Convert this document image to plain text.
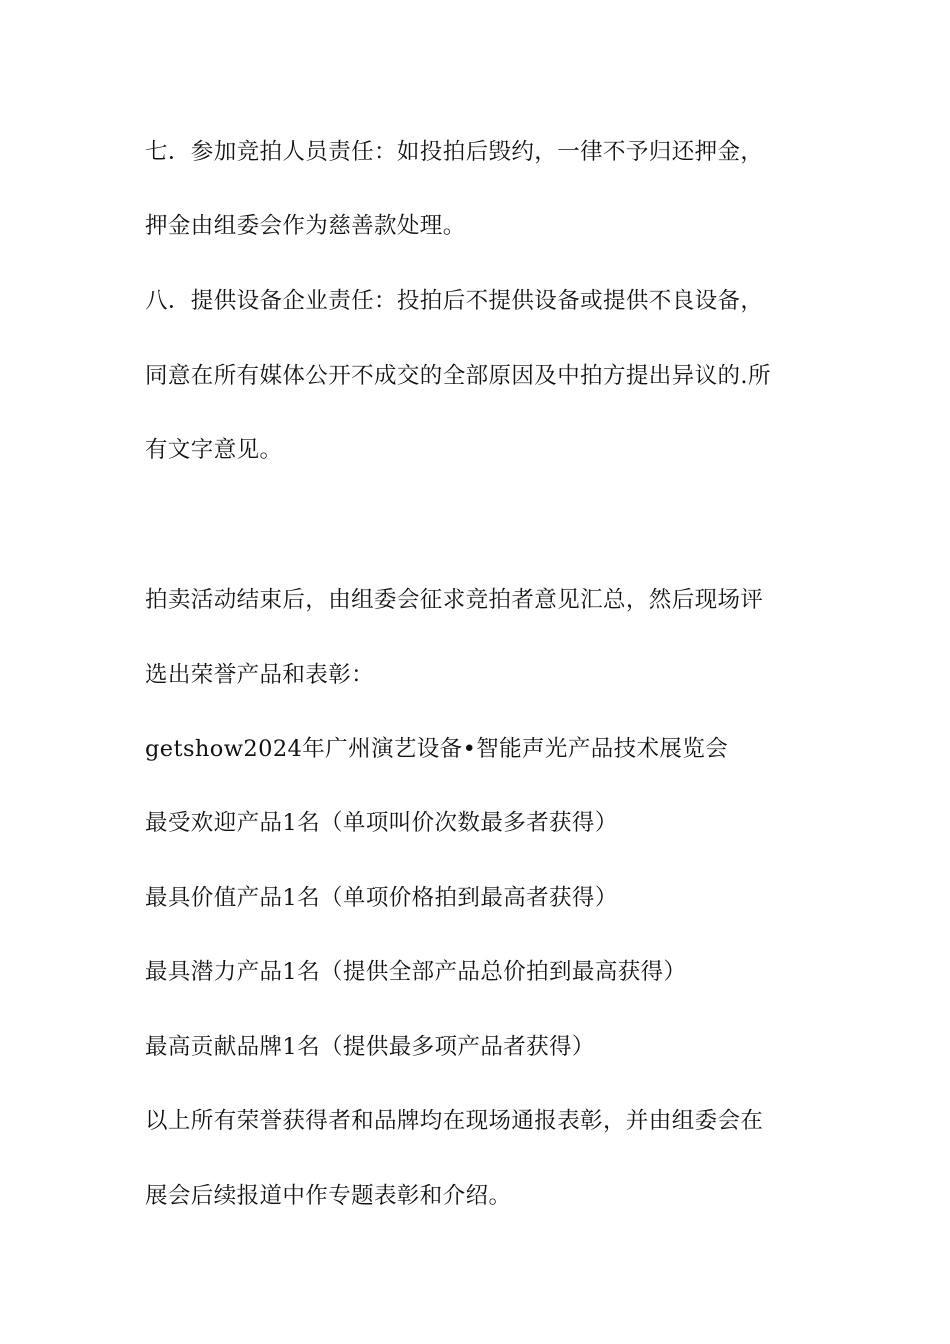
七．参加竞拍人员责任：如投拍后毁约，一律不予归还押金，
押金由组委会作为慈善款处理。
八．提供设备企业责任：投拍后不提供设备或提供不良设备，
同意在所有媒体公开不成交的全部原因及中拍方提出异议的.所
有文字意见。
拍卖活动结束后，由组委会征求竞拍者意见汇总，然后现场评
选出荣誉产品和表彰：
getshow2024年广州演艺设备•智能声光产品技术展览会
最受欢迎产品1名（单项叫价次数最多者获得）
最具价值产品1名（单项价格拍到最高者获得）
最具潜力产品1名（提供全部产品总价拍到最高获得）
最高贡献品牌1名（提供最多项产品者获得）
以上所有荣誉获得者和品牌均在现场通报表彰，并由组委会在
展会后续报道中作专题表彰和介绍。
